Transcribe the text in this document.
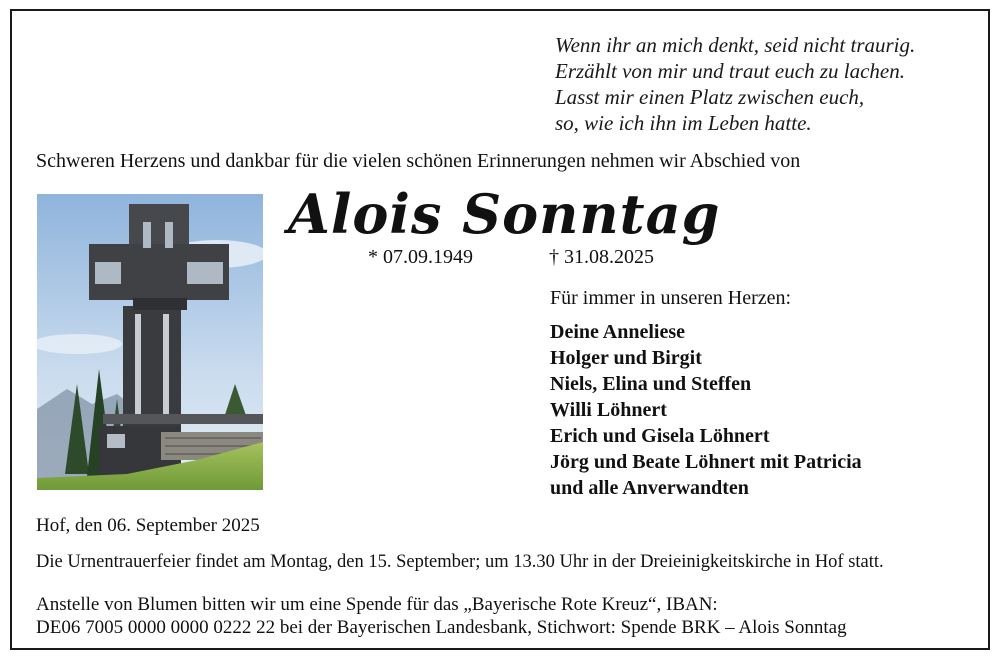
Wenn ihr an mich denkt, seid nicht traurig.
Erzählt von mir und traut euch zu lachen.
Lasst mir einen Platz zwischen euch,
so, wie ich ihn im Leben hatte.
Schweren Herzens und dankbar für die vielen schönen Erinnerungen nehmen wir Abschied von
Alois Sonntag
* 07.09.1949	† 31.08.2025
Für immer in unseren Herzen:
Deine Anneliese
Holger und Birgit
Niels, Elina und Steffen
Willi Löhnert
Erich und Gisela Löhnert
Jörg und Beate Löhnert mit Patricia
und alle Anverwandten
Hof, den 06. September 2025
Die Urnentrauerfeier findet am Montag, den 15. September; um 13.30 Uhr in der Dreieinigkeitskirche in Hof statt.
Anstelle von Blumen bitten wir um eine Spende für das „Bayerische Rote Kreuz“, IBAN:
DE06 7005 0000 0000 0222 22 bei der Bayerischen Landesbank, Stichwort: Spende BRK – Alois Sonntag
